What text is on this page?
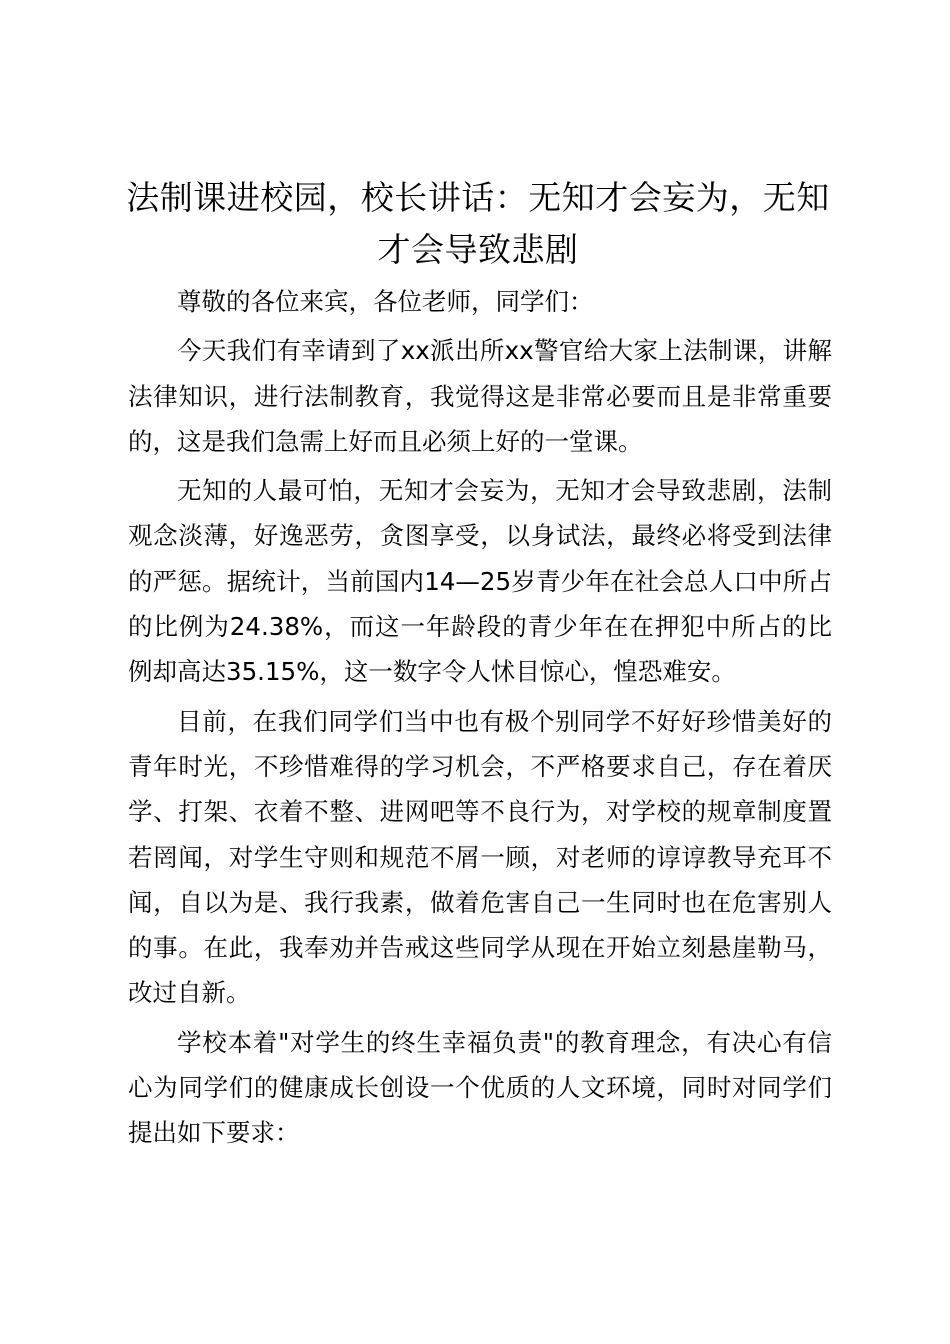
法制课进校园，校长讲话：无知才会妄为，无知才会导致悲剧

尊敬的各位来宾，各位老师，同学们：

今天我们有幸请到了xx派出所xx警官给大家上法制课，讲解法律知识，进行法制教育，我觉得这是非常必要而且是非常重要的，这是我们急需上好而且必须上好的一堂课。

无知的人最可怕，无知才会妄为，无知才会导致悲剧，法制观念淡薄，好逸恶劳，贪图享受，以身试法，最终必将受到法律的严惩。据统计，当前国内14—25岁青少年在社会总人口中所占的比例为24.38%，而这一年龄段的青少年在在押犯中所占的比例却高达35.15%，这一数字令人怵目惊心，惶恐难安。

目前，在我们同学们当中也有极个别同学不好好珍惜美好的青年时光，不珍惜难得的学习机会，不严格要求自己，存在着厌学、打架、衣着不整、进网吧等不良行为，对学校的规章制度置若罔闻，对学生守则和规范不屑一顾，对老师的谆谆教导充耳不闻，自以为是、我行我素，做着危害自己一生同时也在危害别人的事。在此，我奉劝并告戒这些同学从现在开始立刻悬崖勒马，改过自新。

学校本着"对学生的终生幸福负责"的教育理念，有决心有信心为同学们的健康成长创设一个优质的人文环境，同时对同学们提出如下要求：
